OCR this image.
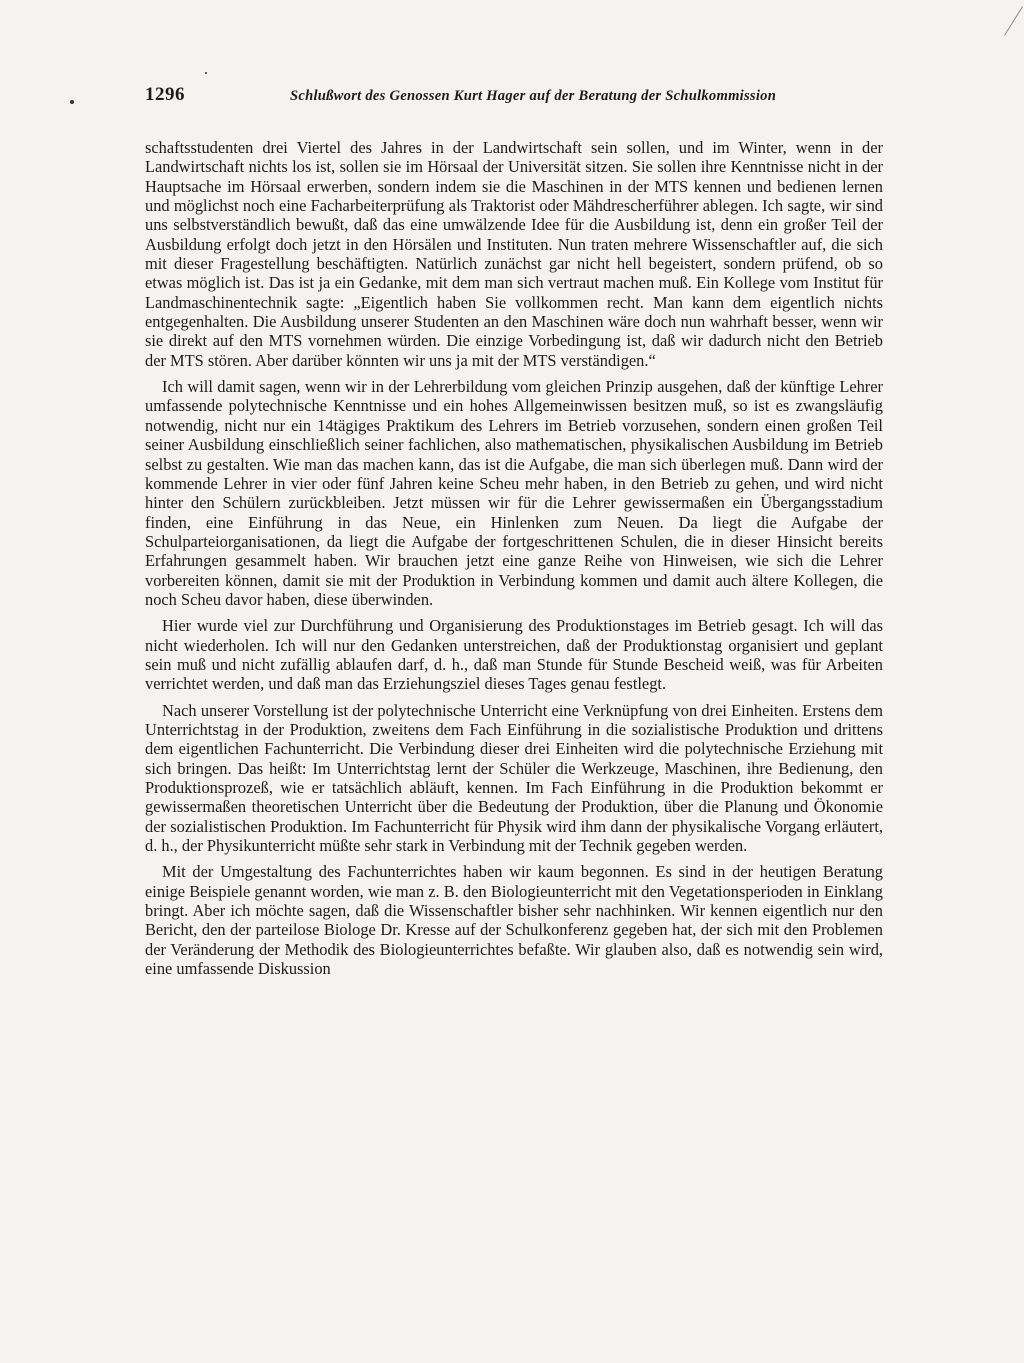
1296	Schlußwort des Genossen Kurt Hager auf der Beratung der Schulkommission

schaftsstudenten drei Viertel des Jahres in der Landwirtschaft sein sollen, und im Winter, wenn in der Landwirtschaft nichts los ist, sollen sie im Hörsaal der Universität sitzen. Sie sollen ihre Kenntnisse nicht in der Hauptsache im Hörsaal erwerben, sondern indem sie die Maschinen in der MTS kennen und bedienen lernen und möglichst noch eine Facharbeiterprüfung als Traktorist oder Mähdrescherführer ablegen. Ich sagte, wir sind uns selbstverständlich bewußt, daß das eine umwälzende Idee für die Ausbildung ist, denn ein großer Teil der Ausbildung erfolgt doch jetzt in den Hörsälen und Instituten. Nun traten mehrere Wissenschaftler auf, die sich mit dieser Fragestellung beschäftigten. Natürlich zunächst gar nicht hell begeistert, sondern prüfend, ob so etwas möglich ist. Das ist ja ein Gedanke, mit dem man sich vertraut machen muß. Ein Kollege vom Institut für Landmaschinentechnik sagte: „Eigentlich haben Sie vollkommen recht. Man kann dem eigentlich nichts entgegenhalten. Die Ausbildung unserer Studenten an den Maschinen wäre doch nun wahrhaft besser, wenn wir sie direkt auf den MTS vornehmen würden. Die einzige Vorbedingung ist, daß wir dadurch nicht den Betrieb der MTS stören. Aber darüber könnten wir uns ja mit der MTS verständigen.“

Ich will damit sagen, wenn wir in der Lehrerbildung vom gleichen Prinzip ausgehen, daß der künftige Lehrer umfassende polytechnische Kenntnisse und ein hohes Allgemeinwissen besitzen muß, so ist es zwangsläufig notwendig, nicht nur ein 14tägiges Praktikum des Lehrers im Betrieb vorzusehen, sondern einen großen Teil seiner Ausbildung einschließlich seiner fachlichen, also mathematischen, physikalischen Ausbildung im Betrieb selbst zu gestalten. Wie man das machen kann, das ist die Aufgabe, die man sich überlegen muß. Dann wird der kommende Lehrer in vier oder fünf Jahren keine Scheu mehr haben, in den Betrieb zu gehen, und wird nicht hinter den Schülern zurückbleiben. Jetzt müssen wir für die Lehrer gewissermaßen ein Übergangsstadium finden, eine Einführung in das Neue, ein Hinlenken zum Neuen. Da liegt die Aufgabe der Schulparteiorganisationen, da liegt die Aufgabe der fortgeschrittenen Schulen, die in dieser Hinsicht bereits Erfahrungen gesammelt haben. Wir brauchen jetzt eine ganze Reihe von Hinweisen, wie sich die Lehrer vorbereiten können, damit sie mit der Produktion in Verbindung kommen und damit auch ältere Kollegen, die noch Scheu davor haben, diese überwinden.

Hier wurde viel zur Durchführung und Organisierung des Produktionstages im Betrieb gesagt. Ich will das nicht wiederholen. Ich will nur den Gedanken unterstreichen, daß der Produktionstag organisiert und geplant sein muß und nicht zufällig ablaufen darf, d. h., daß man Stunde für Stunde Bescheid weiß, was für Arbeiten verrichtet werden, und daß man das Erziehungsziel dieses Tages genau festlegt.

Nach unserer Vorstellung ist der polytechnische Unterricht eine Verknüpfung von drei Einheiten. Erstens dem Unterrichtstag in der Produktion, zweitens dem Fach Einführung in die sozialistische Produktion und drittens dem eigentlichen Fachunterricht. Die Verbindung dieser drei Einheiten wird die polytechnische Erziehung mit sich bringen. Das heißt: Im Unterrichtstag lernt der Schüler die Werkzeuge, Maschinen, ihre Bedienung, den Produktionsprozeß, wie er tatsächlich abläuft, kennen. Im Fach Einführung in die Produktion bekommt er gewissermaßen theoretischen Unterricht über die Bedeutung der Produktion, über die Planung und Ökonomie der sozialistischen Produktion. Im Fachunterricht für Physik wird ihm dann der physikalische Vorgang erläutert, d. h., der Physikunterricht müßte sehr stark in Verbindung mit der Technik gegeben werden.

Mit der Umgestaltung des Fachunterrichtes haben wir kaum begonnen. Es sind in der heutigen Beratung einige Beispiele genannt worden, wie man z. B. den Biologieunterricht mit den Vegetationsperioden in Einklang bringt. Aber ich möchte sagen, daß die Wissenschaftler bisher sehr nachhinken. Wir kennen eigentlich nur den Bericht, den der parteilose Biologe Dr. Kresse auf der Schulkonferenz gegeben hat, der sich mit den Problemen der Veränderung der Methodik des Biologieunterrichtes befaßte. Wir glauben also, daß es notwendig sein wird, eine umfassende Diskussion
